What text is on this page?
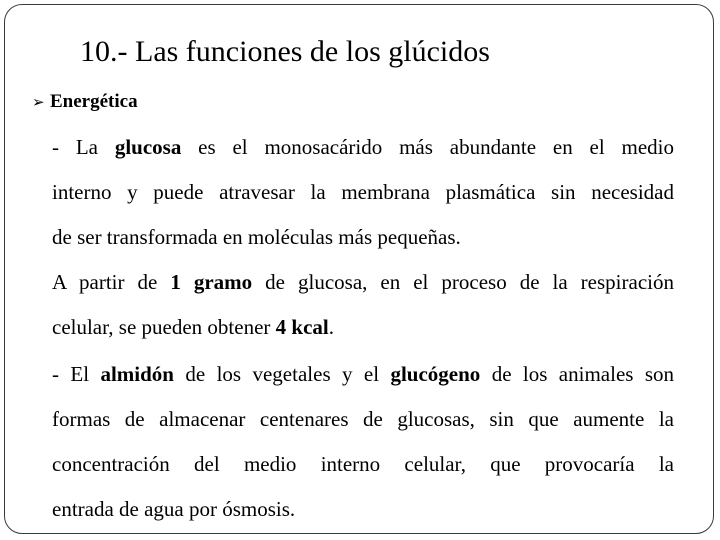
10.- Las funciones de los glúcidos
➢ Energética
- La glucosa es el monosacárido más abundante en el medio
interno y puede atravesar la membrana plasmática sin necesidad
de ser transformada en moléculas más pequeñas.
A partir de 1 gramo de glucosa, en el proceso de la respiración
celular, se pueden obtener 4 kcal.
- El almidón de los vegetales y el glucógeno de los animales son
formas de almacenar centenares de glucosas, sin que aumente la
concentración del medio interno celular, que provocaría la
entrada de agua por ósmosis.
